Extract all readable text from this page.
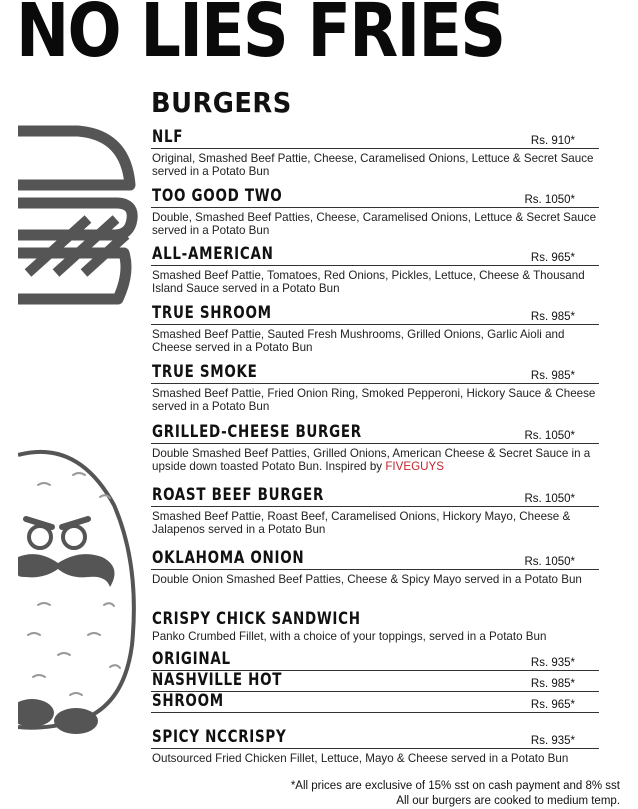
NO LIES FRIES
BURGERS
NLF	Rs. 910*
Original, Smashed Beef Pattie, Cheese, Caramelised Onions, Lettuce & Secret Sauce served in a Potato Bun
TOO GOOD TWO	Rs. 1050*
Double, Smashed Beef Patties, Cheese, Caramelised Onions, Lettuce & Secret Sauce served in a Potato Bun
ALL-AMERICAN	Rs. 965*
Smashed Beef Pattie, Tomatoes, Red Onions, Pickles, Lettuce, Cheese & Thousand Island Sauce served in a Potato Bun
TRUE SHROOM	Rs. 985*
Smashed Beef Pattie, Sauted Fresh Mushrooms, Grilled Onions, Garlic Aioli and Cheese served in a Potato Bun
TRUE SMOKE	Rs. 985*
Smashed Beef Pattie, Fried Onion Ring, Smoked Pepperoni, Hickory Sauce & Cheese served in a Potato Bun
GRILLED-CHEESE BURGER	Rs. 1050*
Double Smashed Beef Patties, Grilled Onions, American Cheese & Secret Sauce in a upside down toasted Potato Bun. Inspired by FIVEGUYS
ROAST BEEF BURGER	Rs. 1050*
Smashed Beef Pattie, Roast Beef, Caramelised Onions, Hickory Mayo, Cheese & Jalapenos served in a Potato Bun
OKLAHOMA ONION	Rs. 1050*
Double Onion Smashed Beef Patties, Cheese & Spicy Mayo served in a Potato Bun
CRISPY CHICK SANDWICH
Panko Crumbed Fillet, with a choice of your toppings, served in a Potato Bun
ORIGINAL	Rs. 935*
NASHVILLE HOT	Rs. 985*
SHROOM	Rs. 965*
SPICY NCCRISPY	Rs. 935*
Outsourced Fried Chicken Fillet, Lettuce, Mayo & Cheese served in a Potato Bun
*All prices are exclusive of 15% sst on cash payment and 8% sst
All our burgers are cooked to medium temp.
